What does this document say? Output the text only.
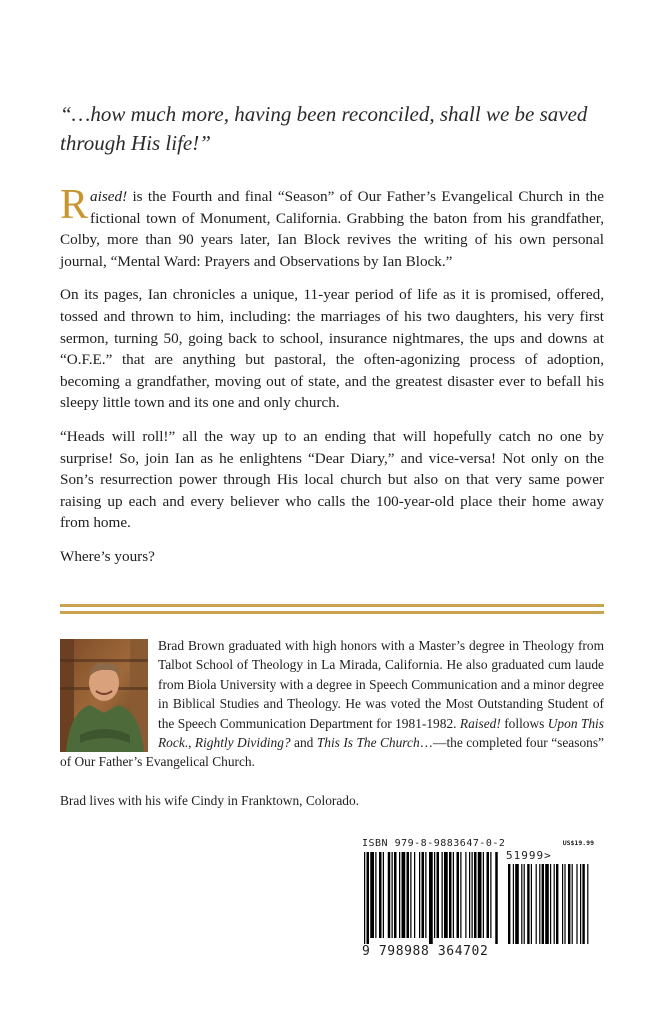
“…how much more, having been reconciled, shall we be saved through His life!”

Raised! is the Fourth and final “Season” of Our Father’s Evangelical Church in the fictional town of Monument, California. Grabbing the baton from his grandfather, Colby, more than 90 years later, Ian Block revives the writing of his own personal journal, “Mental Ward: Prayers and Observations by Ian Block.”

On its pages, Ian chronicles a unique, 11-year period of life as it is promised, offered, tossed and thrown to him, including: the marriages of his two daughters, his very first sermon, turning 50, going back to school, insurance nightmares, the ups and downs at “O.F.E.” that are anything but pastoral, the often-agonizing process of adoption, becoming a grandfather, moving out of state, and the greatest disaster ever to befall his sleepy little town and its one and only church.

“Heads will roll!” all the way up to an ending that will hopefully catch no one by surprise! So, join Ian as he enlightens “Dear Diary,” and vice-versa! Not only on the Son’s resurrection power through His local church but also on that very same power raising up each and every believer who calls the 100-year-old place their home away from home.

Where’s yours?

Brad Brown graduated with high honors with a Master’s degree in Theology from Talbot School of Theology in La Mirada, California. He also graduated cum laude from Biola University with a degree in Speech Communication and a minor degree in Biblical Studies and Theology. He was voted the Most Outstanding Student of the Speech Communication Department for 1981-1982. Raised! follows Upon This Rock., Rightly Dividing? and This Is The Church…—the completed four “seasons” of Our Father’s Evangelical Church.

Brad lives with his wife Cindy in Franktown, Colorado.

ISBN 979-8-9883647-0-2	US$19.99
51999>
9 798988 364702
